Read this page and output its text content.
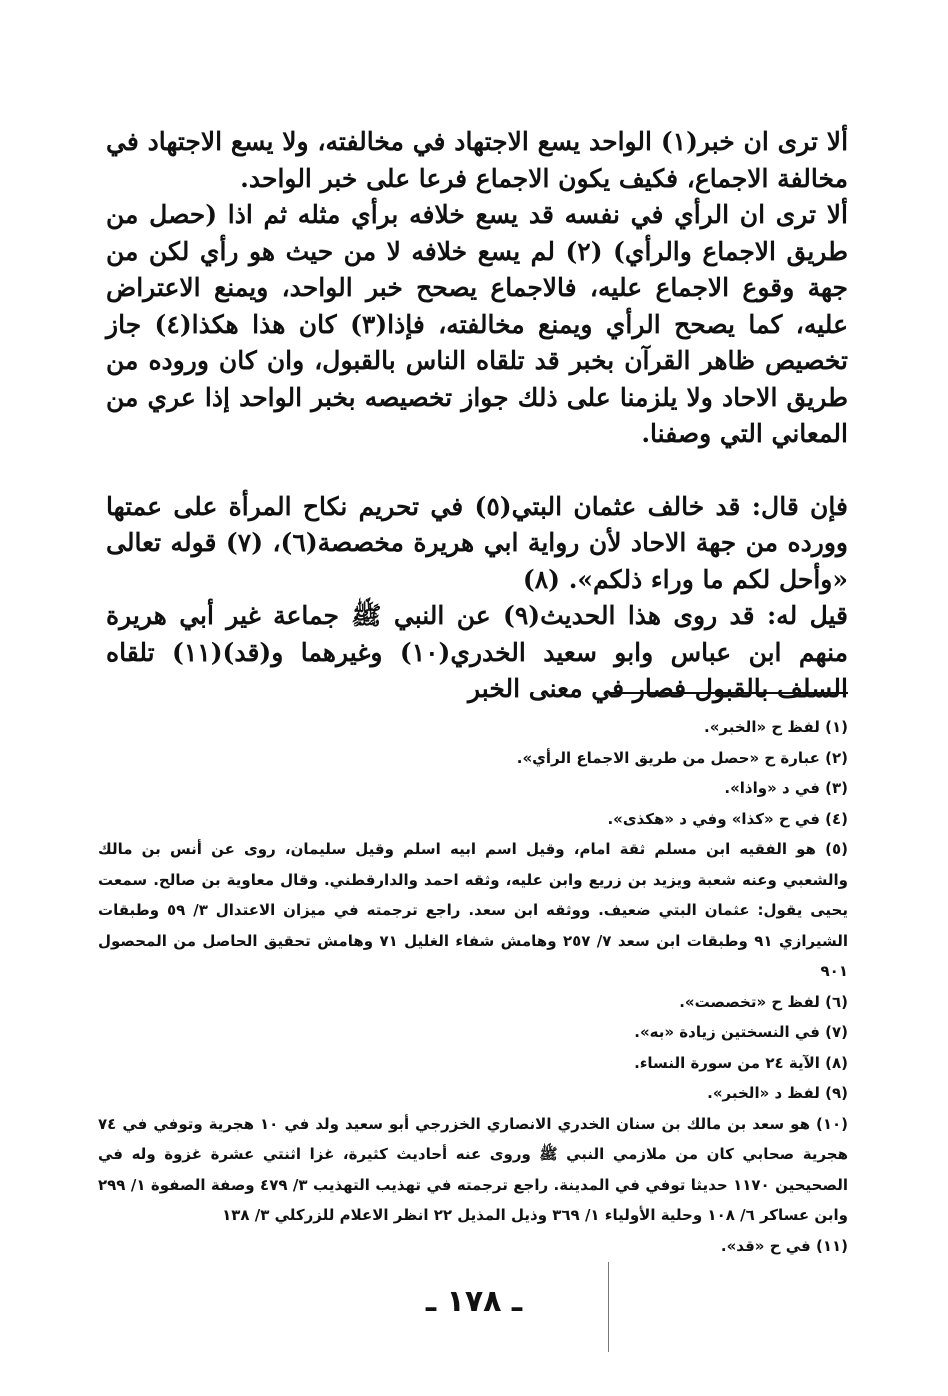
ألا ترى ان خبر(١) الواحد يسع الاجتهاد في مخالفته، ولا يسع الاجتهاد في مخالفة الاجماع، فكيف يكون الاجماع فرعا على خبر الواحد.

ألا ترى ان الرأي في نفسه قد يسع خلافه برأي مثله ثم اذا (حصل من طريق الاجماع والرأي) (٢) لم يسع خلافه لا من حيث هو رأي لكن من جهة وقوع الاجماع عليه، فالاجماع يصحح خبر الواحد، ويمنع الاعتراض عليه، كما يصحح الرأي ويمنع مخالفته، فإذا(٣) كان هذا هكذا(٤) جاز تخصيص ظاهر القرآن بخبر قد تلقاه الناس بالقبول، وان كان وروده من طريق الاحاد ولا يلزمنا على ذلك جواز تخصيصه بخبر الواحد إذا عري من المعاني التي وصفنا.

فإن قال: قد خالف عثمان البتي(٥) في تحريم نكاح المرأة على عمتها وورده من جهة الاحاد لأن رواية ابي هريرة مخصصة(٦)، (٧) قوله تعالى «وأحل لكم ما وراء ذلكم». (٨)

قيل له: قد روى هذا الحديث(٩) عن النبي ﷺ جماعة غير أبي هريرة منهم ابن عباس وابو سعيد الخدري(١٠) وغيرهما و(قد)(١١) تلقاه السلف بالقبول فصار في معنى الخبر

(١) لفظ ح «الخبر».

(٢) عبارة ح «حصل من طريق الاجماع الرأي».

(٣) في د «واذا».

(٤) في ح «كذا» وفي د «هكذى».

(٥) هو الفقيه ابن مسلم ثقة امام، وقيل اسم ابيه اسلم وقيل سليمان، روى عن أنس بن مالك والشعبي وعنه شعبة ويزيد بن زريع وابن عليه، وثقه احمد والدارقطني. وقال معاوية بن صالح. سمعت يحيى يقول: عثمان البتي ضعيف. ووثقه ابن سعد. راجع ترجمته في ميزان الاعتدال ٣/ ٥٩ وطبقات الشيرازي ٩١ وطبقات ابن سعد ٧/ ٢٥٧ وهامش شفاء الغليل ٧١ وهامش تحقيق الحاصل من المحصول ٩٠١

(٦) لفظ ح «تخصصت».

(٧) في النسختين زيادة «به».

(٨) الآية ٢٤ من سورة النساء.

(٩) لفظ د «الخبر».

(١٠) هو سعد بن مالك بن سنان الخدري الانصاري الخزرجي أبو سعيد ولد في ١٠ هجرية وتوفي في ٧٤ هجرية صحابي كان من ملازمي النبي ﷺ وروى عنه أحاديث كثيرة، غزا اثنتي عشرة غزوة وله في الصحيحين ١١٧٠ حديثا توفي في المدينة. راجع ترجمته في تهذيب التهذيب ٣/ ٤٧٩ وصفة الصفوة ١/ ٢٩٩ وابن عساكر ٦/ ١٠٨ وحلية الأولياء ١/ ٣٦٩ وذيل المذيل ٢٢ انظر الاعلام للزركلي ٣/ ١٣٨

(١١) في ح «قد».

ـ ١٧٨ ـ
